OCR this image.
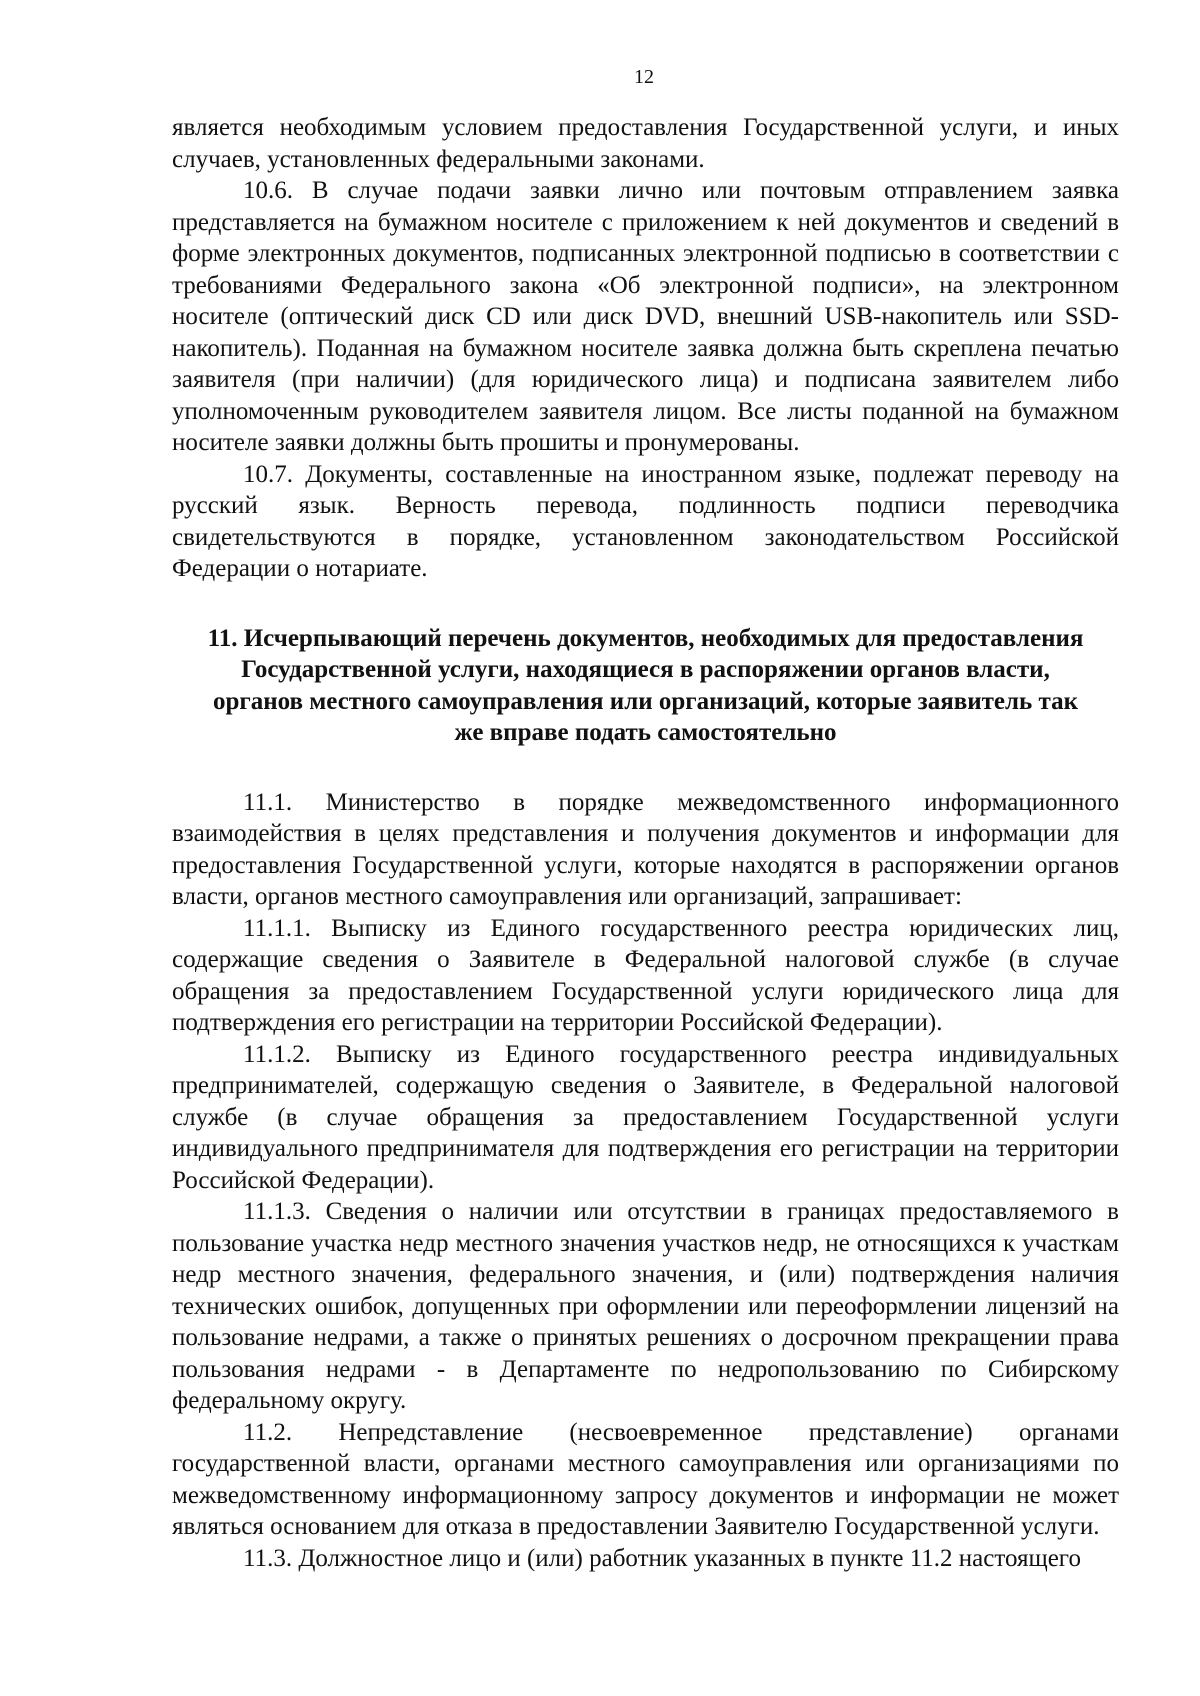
12

является необходимым условием предоставления Государственной услуги, и иных случаев, установленных федеральными законами.

10.6. В случае подачи заявки лично или почтовым отправлением заявка представляется на бумажном носителе с приложением к ней документов и сведений в форме электронных документов, подписанных электронной подписью в соответствии с требованиями Федерального закона «Об электронной подписи», на электронном носителе (оптический диск CD или диск DVD, внешний USB-накопитель или SSD-накопитель). Поданная на бумажном носителе заявка должна быть скреплена печатью заявителя (при наличии) (для юридического лица) и подписана заявителем либо уполномоченным руководителем заявителя лицом. Все листы поданной на бумажном носителе заявки должны быть прошиты и пронумерованы.

10.7. Документы, составленные на иностранном языке, подлежат переводу на русский язык. Верность перевода, подлинность подписи переводчика свидетельствуются в порядке, установленном законодательством Российской Федерации о нотариате.

11. Исчерпывающий перечень документов, необходимых для предоставления Государственной услуги, находящиеся в распоряжении органов власти, органов местного самоуправления или организаций, которые заявитель так же вправе подать самостоятельно

11.1. Министерство в порядке межведомственного информационного взаимодействия в целях представления и получения документов и информации для предоставления Государственной услуги, которые находятся в распоряжении органов власти, органов местного самоуправления или организаций, запрашивает:

11.1.1. Выписку из Единого государственного реестра юридических лиц, содержащие сведения о Заявителе в Федеральной налоговой службе (в случае обращения за предоставлением Государственной услуги юридического лица для подтверждения его регистрации на территории Российской Федерации).

11.1.2. Выписку из Единого государственного реестра индивидуальных предпринимателей, содержащую сведения о Заявителе, в Федеральной налоговой службе (в случае обращения за предоставлением Государственной услуги индивидуального предпринимателя для подтверждения его регистрации на территории Российской Федерации).

11.1.3. Сведения о наличии или отсутствии в границах предоставляемого в пользование участка недр местного значения участков недр, не относящихся к участкам недр местного значения, федерального значения, и (или) подтверждения наличия технических ошибок, допущенных при оформлении или переоформлении лицензий на пользование недрами, а также о принятых решениях о досрочном прекращении права пользования недрами - в Департаменте по недропользованию по Сибирскому федеральному округу.

11.2. Непредставление (несвоевременное представление) органами государственной власти, органами местного самоуправления или организациями по межведомственному информационному запросу документов и информации не может являться основанием для отказа в предоставлении Заявителю Государственной услуги.

11.3. Должностное лицо и (или) работник указанных в пункте 11.2 настоящего
